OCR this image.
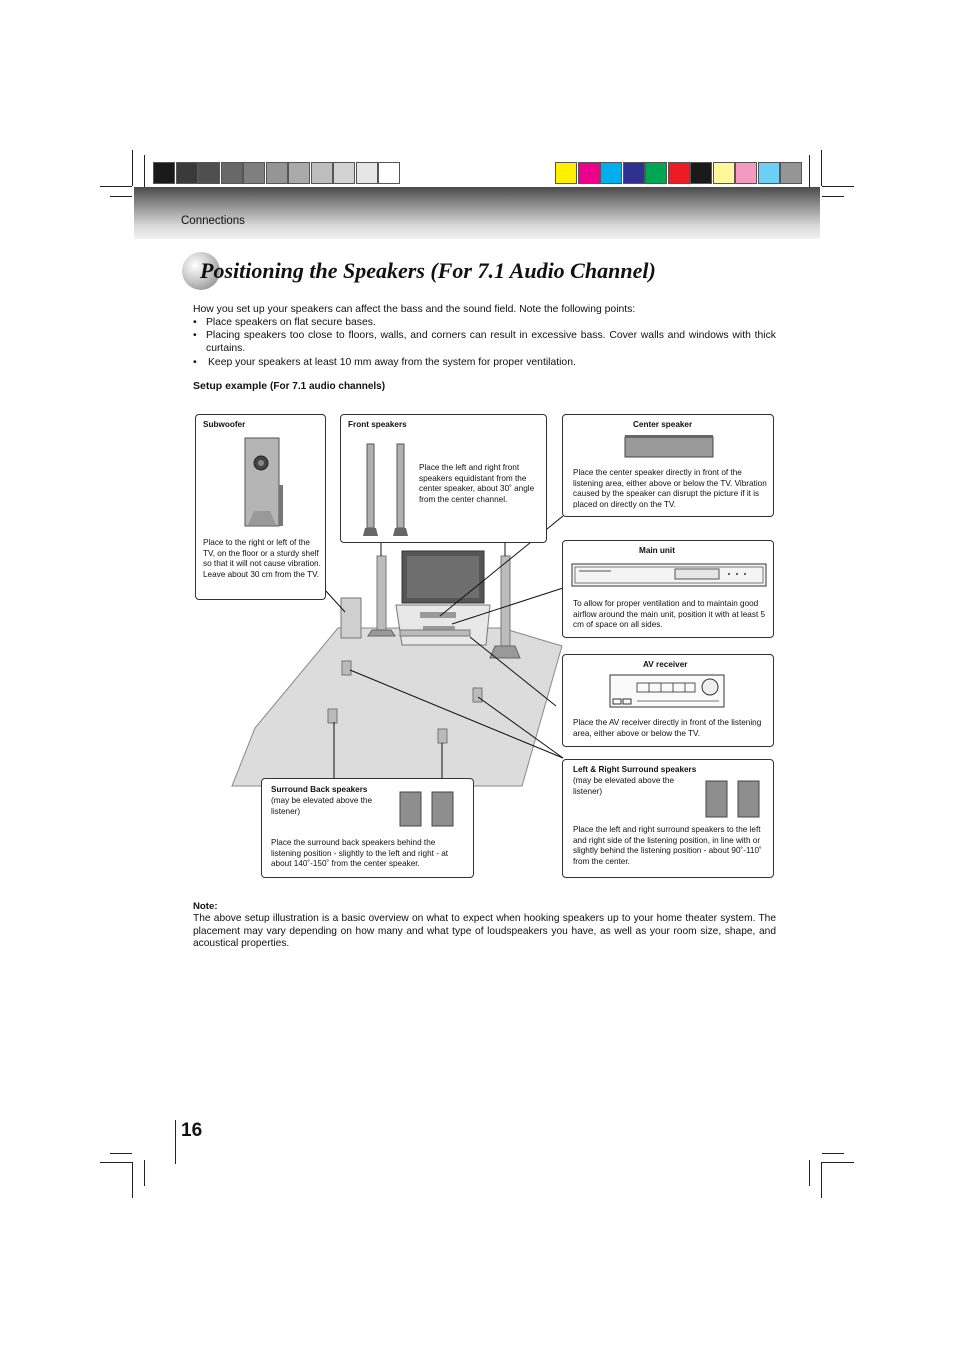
Connections
Positioning the Speakers (For 7.1 Audio Channel)
How you set up your speakers can affect the bass and the sound field. Note the following points:
• Place speakers on flat secure bases.
• Placing speakers too close to floors, walls, and corners can result in excessive bass. Cover walls and windows with thick curtains.
• Keep your speakers at least 10 mm away from the system for proper ventilation.
Setup example (For 7.1 audio channels)
Subwoofer
Place to the right or left of the TV, on the floor or a sturdy shelf so that it will not cause vibration. Leave about 30 cm from the TV.
Front speakers
Place the left and right front speakers equidistant from the center speaker, about 30˚ angle from the center channel.
Center speaker
Place the center speaker directly in front of the listening area, either above or below the TV. Vibration caused by the speaker can disrupt the picture if it is placed on directly on the TV.
Main unit
To allow for proper ventilation and to maintain good airflow around the main unit, position it with at least 5 cm of space on all sides.
AV receiver
Place the AV receiver directly in front of the listening area, either above or below the TV.
Left & Right Surround speakers
(may be elevated above the listener)
Place the left and right surround speakers to the left and right side of the listening position, in line with or slightly behind the listening position - about 90˚-110˚ from the center.
Surround Back speakers
(may be elevated above the listener)
Place the surround back speakers behind the listening position - slightly to the left and right - at about 140˚-150˚ from the center speaker.
Note:
The above setup illustration is a basic overview on what to expect when hooking speakers up to your home theater system. The placement may vary depending on how many and what type of loudspeakers you have, as well as your room size, shape, and acoustical properties.
16
